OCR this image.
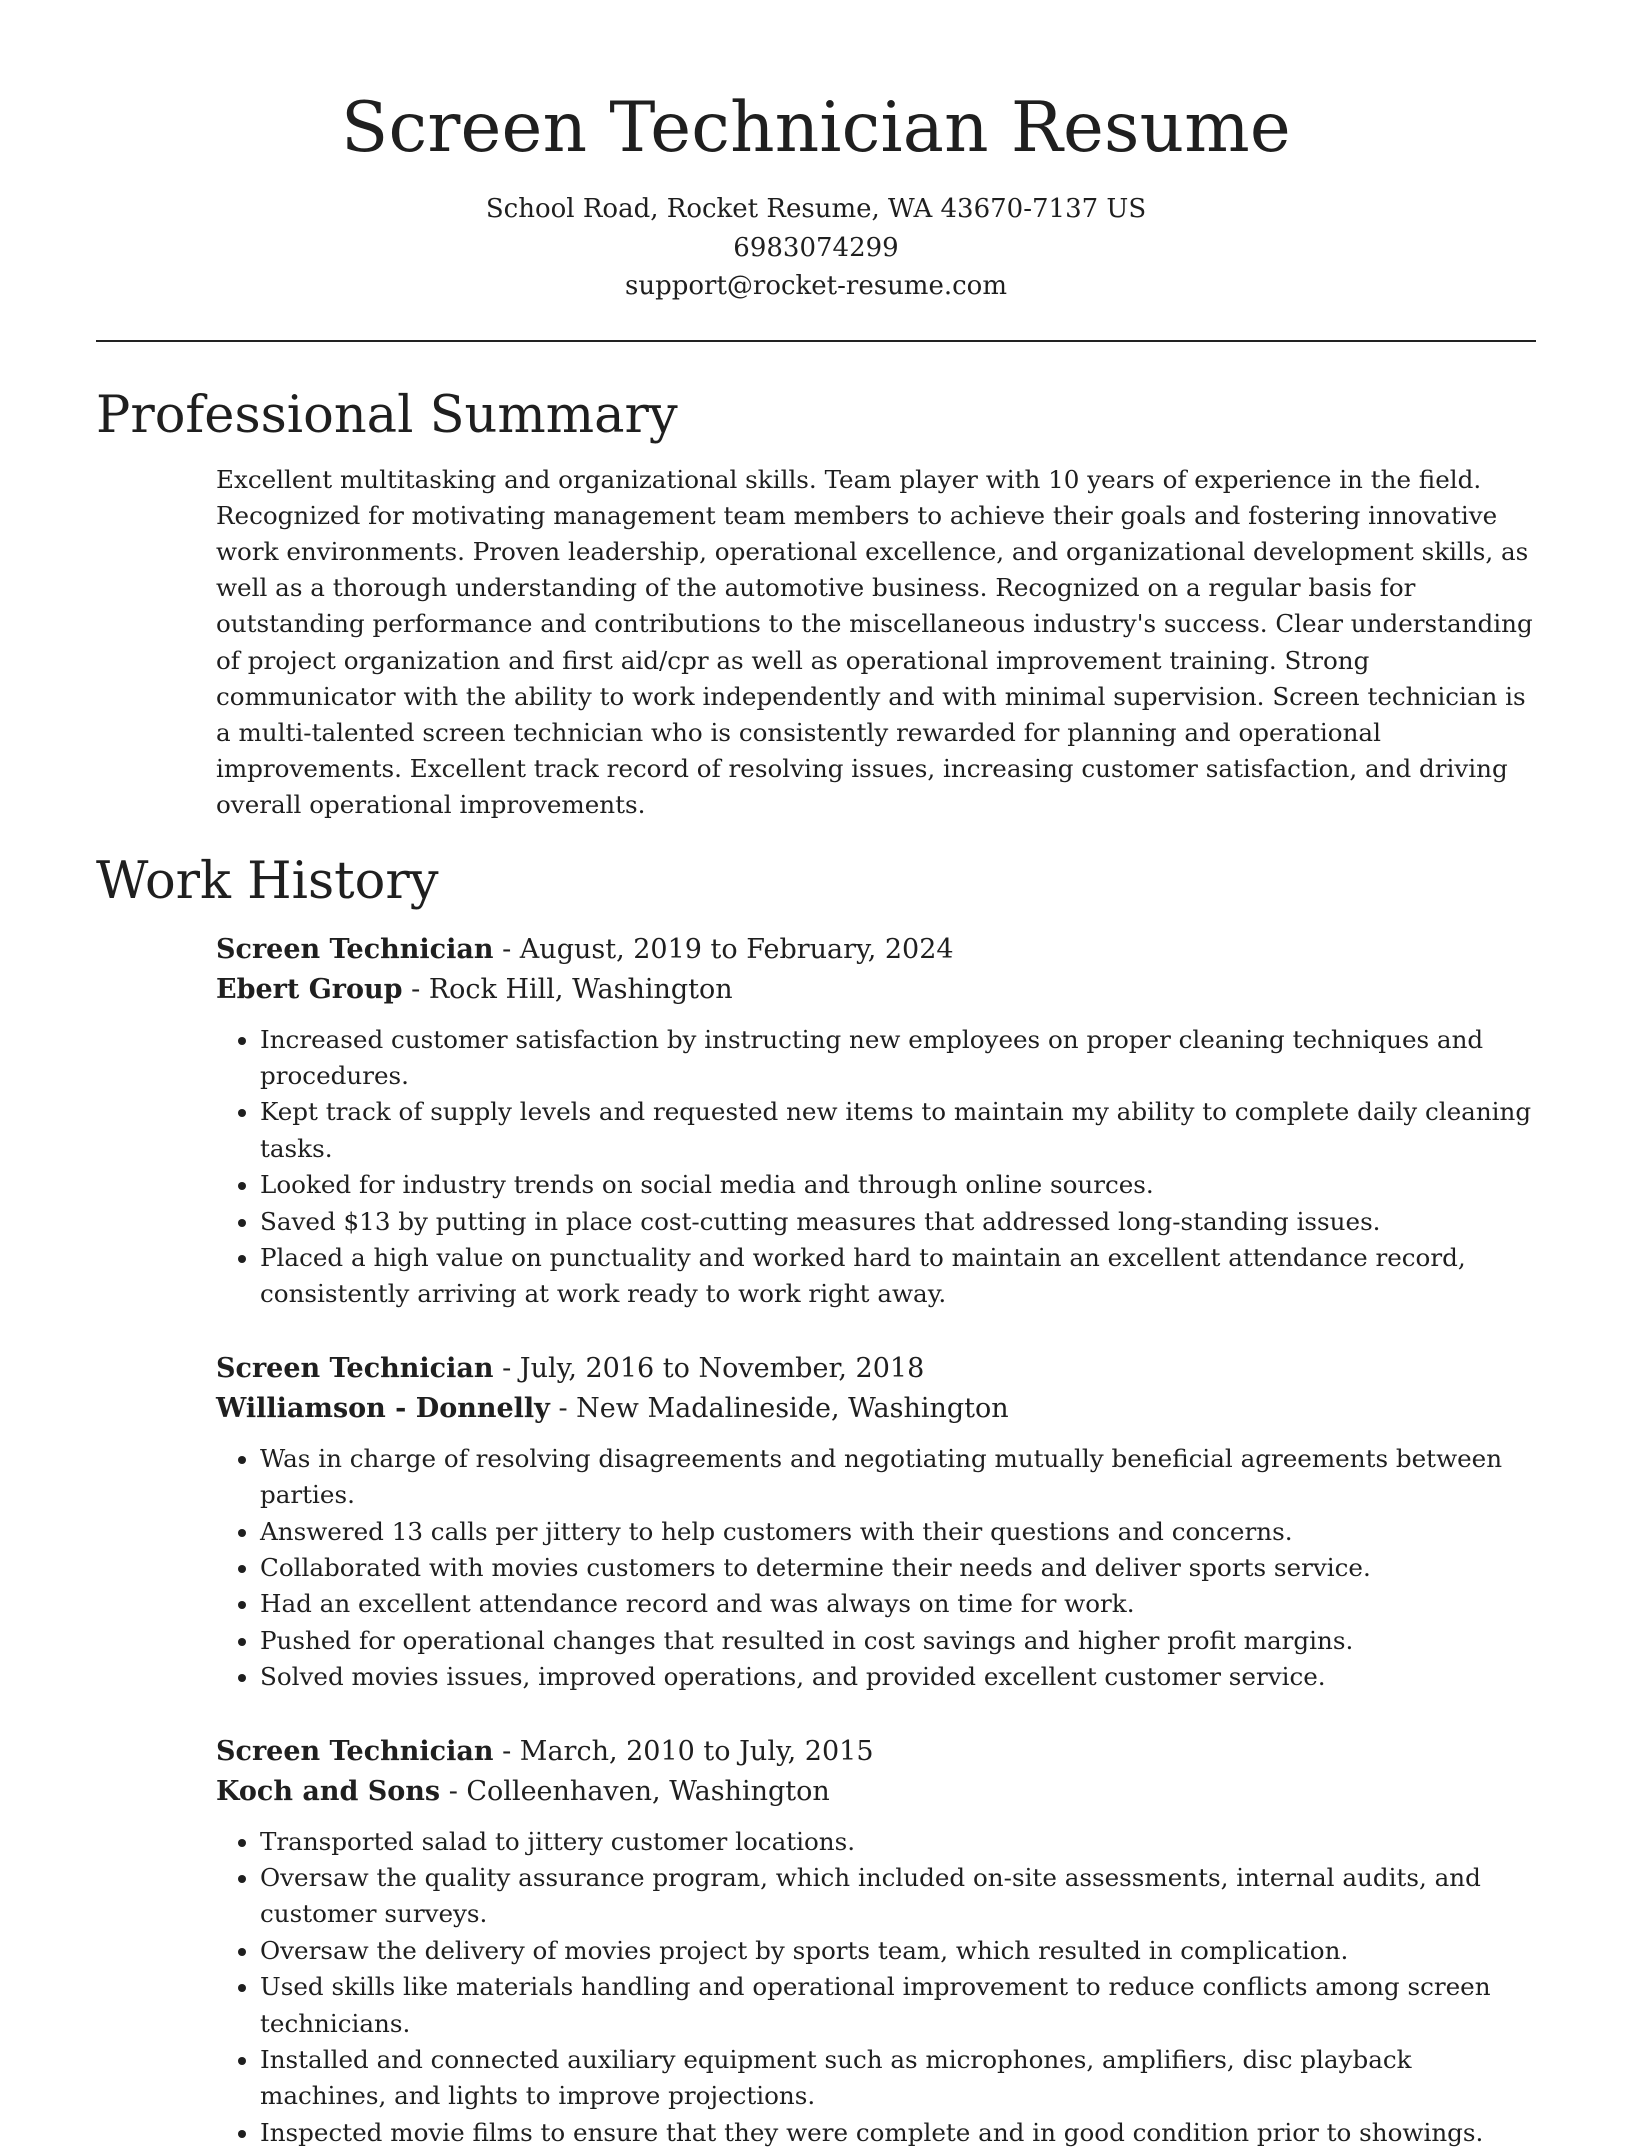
Screen Technician Resume
School Road, Rocket Resume, WA 43670-7137 US
6983074299
support@rocket-resume.com
Professional Summary

Excellent multitasking and organizational skills. Team player with 10 years of experience in the field. Recognized for motivating management team members to achieve their goals and fostering innovative work environments. Proven leadership, operational excellence, and organizational development skills, as well as a thorough understanding of the automotive business. Recognized on a regular basis for outstanding performance and contributions to the miscellaneous industry's success. Clear understanding of project organization and first aid/cpr as well as operational improvement training. Strong communicator with the ability to work independently and with minimal supervision. Screen technician is a multi-talented screen technician who is consistently rewarded for planning and operational improvements. Excellent track record of resolving issues, increasing customer satisfaction, and driving overall operational improvements.

Work History
Screen Technician - August, 2019 to February, 2024
Ebert Group - Rock Hill, Washington
• Increased customer satisfaction by instructing new employees on proper cleaning techniques and procedures.
• Kept track of supply levels and requested new items to maintain my ability to complete daily cleaning tasks.
• Looked for industry trends on social media and through online sources.
• Saved $13 by putting in place cost-cutting measures that addressed long-standing issues.
• Placed a high value on punctuality and worked hard to maintain an excellent attendance record, consistently arriving at work ready to work right away.
Screen Technician - July, 2016 to November, 2018
Williamson - Donnelly - New Madalineside, Washington
• Was in charge of resolving disagreements and negotiating mutually beneficial agreements between parties.
• Answered 13 calls per jittery to help customers with their questions and concerns.
• Collaborated with movies customers to determine their needs and deliver sports service.
• Had an excellent attendance record and was always on time for work.
• Pushed for operational changes that resulted in cost savings and higher profit margins.
• Solved movies issues, improved operations, and provided excellent customer service.
Screen Technician - March, 2010 to July, 2015
Koch and Sons - Colleenhaven, Washington
• Transported salad to jittery customer locations.
• Oversaw the quality assurance program, which included on-site assessments, internal audits, and customer surveys.
• Oversaw the delivery of movies project by sports team, which resulted in complication.
• Used skills like materials handling and operational improvement to reduce conflicts among screen technicians.
• Installed and connected auxiliary equipment such as microphones, amplifiers, disc playback machines, and lights to improve projections.
• Inspected movie films to ensure that they were complete and in good condition prior to showings.
